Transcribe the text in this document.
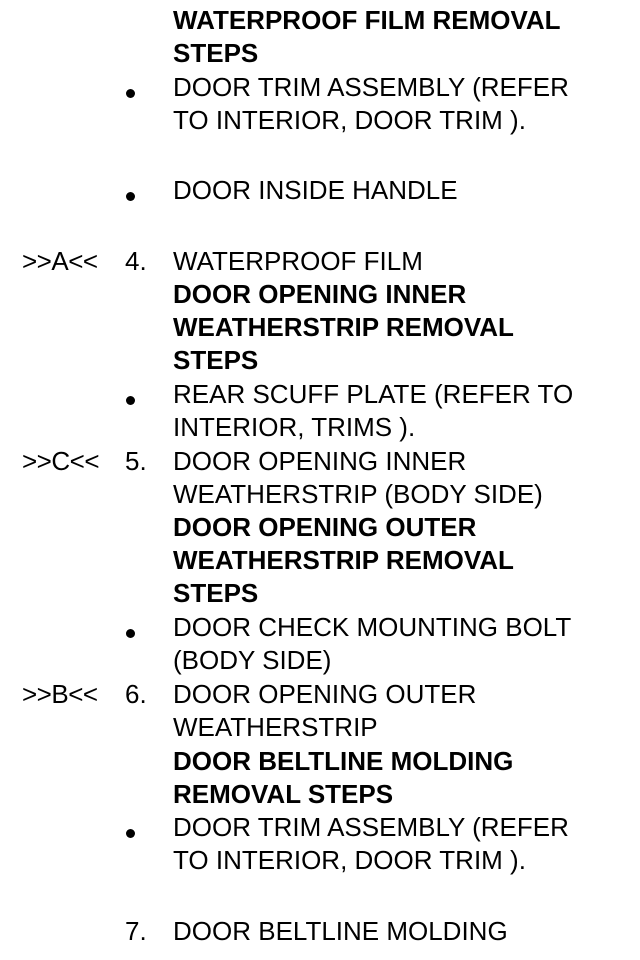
WATERPROOF FILM REMOVAL
STEPS
DOOR TRIM ASSEMBLY (REFER
TO INTERIOR, DOOR TRIM ).
DOOR INSIDE HANDLE
>>A<< 4. WATERPROOF FILM
DOOR OPENING INNER
WEATHERSTRIP REMOVAL
STEPS
REAR SCUFF PLATE (REFER TO
INTERIOR, TRIMS ).
>>C<< 5. DOOR OPENING INNER
WEATHERSTRIP (BODY SIDE)
DOOR OPENING OUTER
WEATHERSTRIP REMOVAL
STEPS
DOOR CHECK MOUNTING BOLT
(BODY SIDE)
>>B<< 6. DOOR OPENING OUTER
WEATHERSTRIP
DOOR BELTLINE MOLDING
REMOVAL STEPS
DOOR TRIM ASSEMBLY (REFER
TO INTERIOR, DOOR TRIM ).
7. DOOR BELTLINE MOLDING
